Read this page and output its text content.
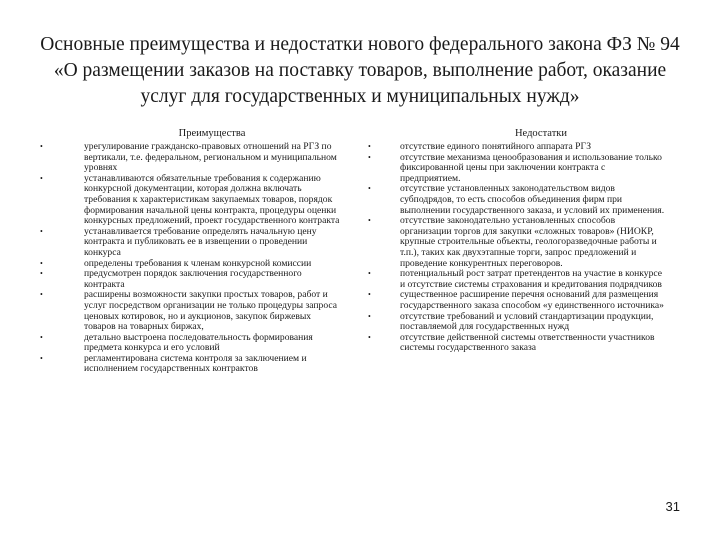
Основные преимущества и недостатки нового федерального закона ФЗ № 94 «О размещении заказов на поставку товаров, выполнение работ, оказание услуг для государственных и муниципальных нужд»
Преимущества
• урегулирование гражданско-правовых отношений на РГЗ по вертикали, т.е. федеральном, региональном и муниципальном уровнях
• устанавливаются обязательные требования к содержанию конкурсной документации, которая должна включать требования к характеристикам закупаемых товаров, порядок формирования начальной цены контракта, процедуры оценки конкурсных предложений, проект государственного контракта
• устанавливается требование определять начальную цену контракта и публиковать ее в извещении о проведении конкурса
• определены требования к членам конкурсной комиссии
• предусмотрен порядок заключения государственного контракта
• расширены возможности закупки простых товаров, работ и услуг посредством организации не только процедуры запроса ценовых котировок, но и аукционов, закупок биржевых товаров на товарных биржах,
• детально выстроена последовательность формирования предмета конкурса и его условий
• регламентирована система контроля за заключением и исполнением государственных контрактов
Недостатки
• отсутствие единого понятийного аппарата РГЗ
• отсутствие механизма ценообразования и использование только фиксированной цены при заключении контракта с предприятием.
• отсутствие установленных законодательством видов субподрядов, то есть способов объединения фирм при выполнении государственного заказа, и условий их применения.
• отсутствие законодательно установленных способов организации торгов для закупки «сложных товаров» (НИОКР, крупные строительные объекты, геологоразведочные работы и т.п.), таких как двухэтапные торги, запрос предложений и проведение конкурентных переговоров.
• потенциальный рост затрат претендентов на участие в конкурсе и отсутствие системы страхования и кредитования подрядчиков
• существенное расширение перечня оснований для размещения государственного заказа способом «у единственного источника»
• отсутствие требований и условий стандартизации продукции, поставляемой для государственных нужд
• отсутствие действенной системы ответственности участников системы государственного заказа
31
